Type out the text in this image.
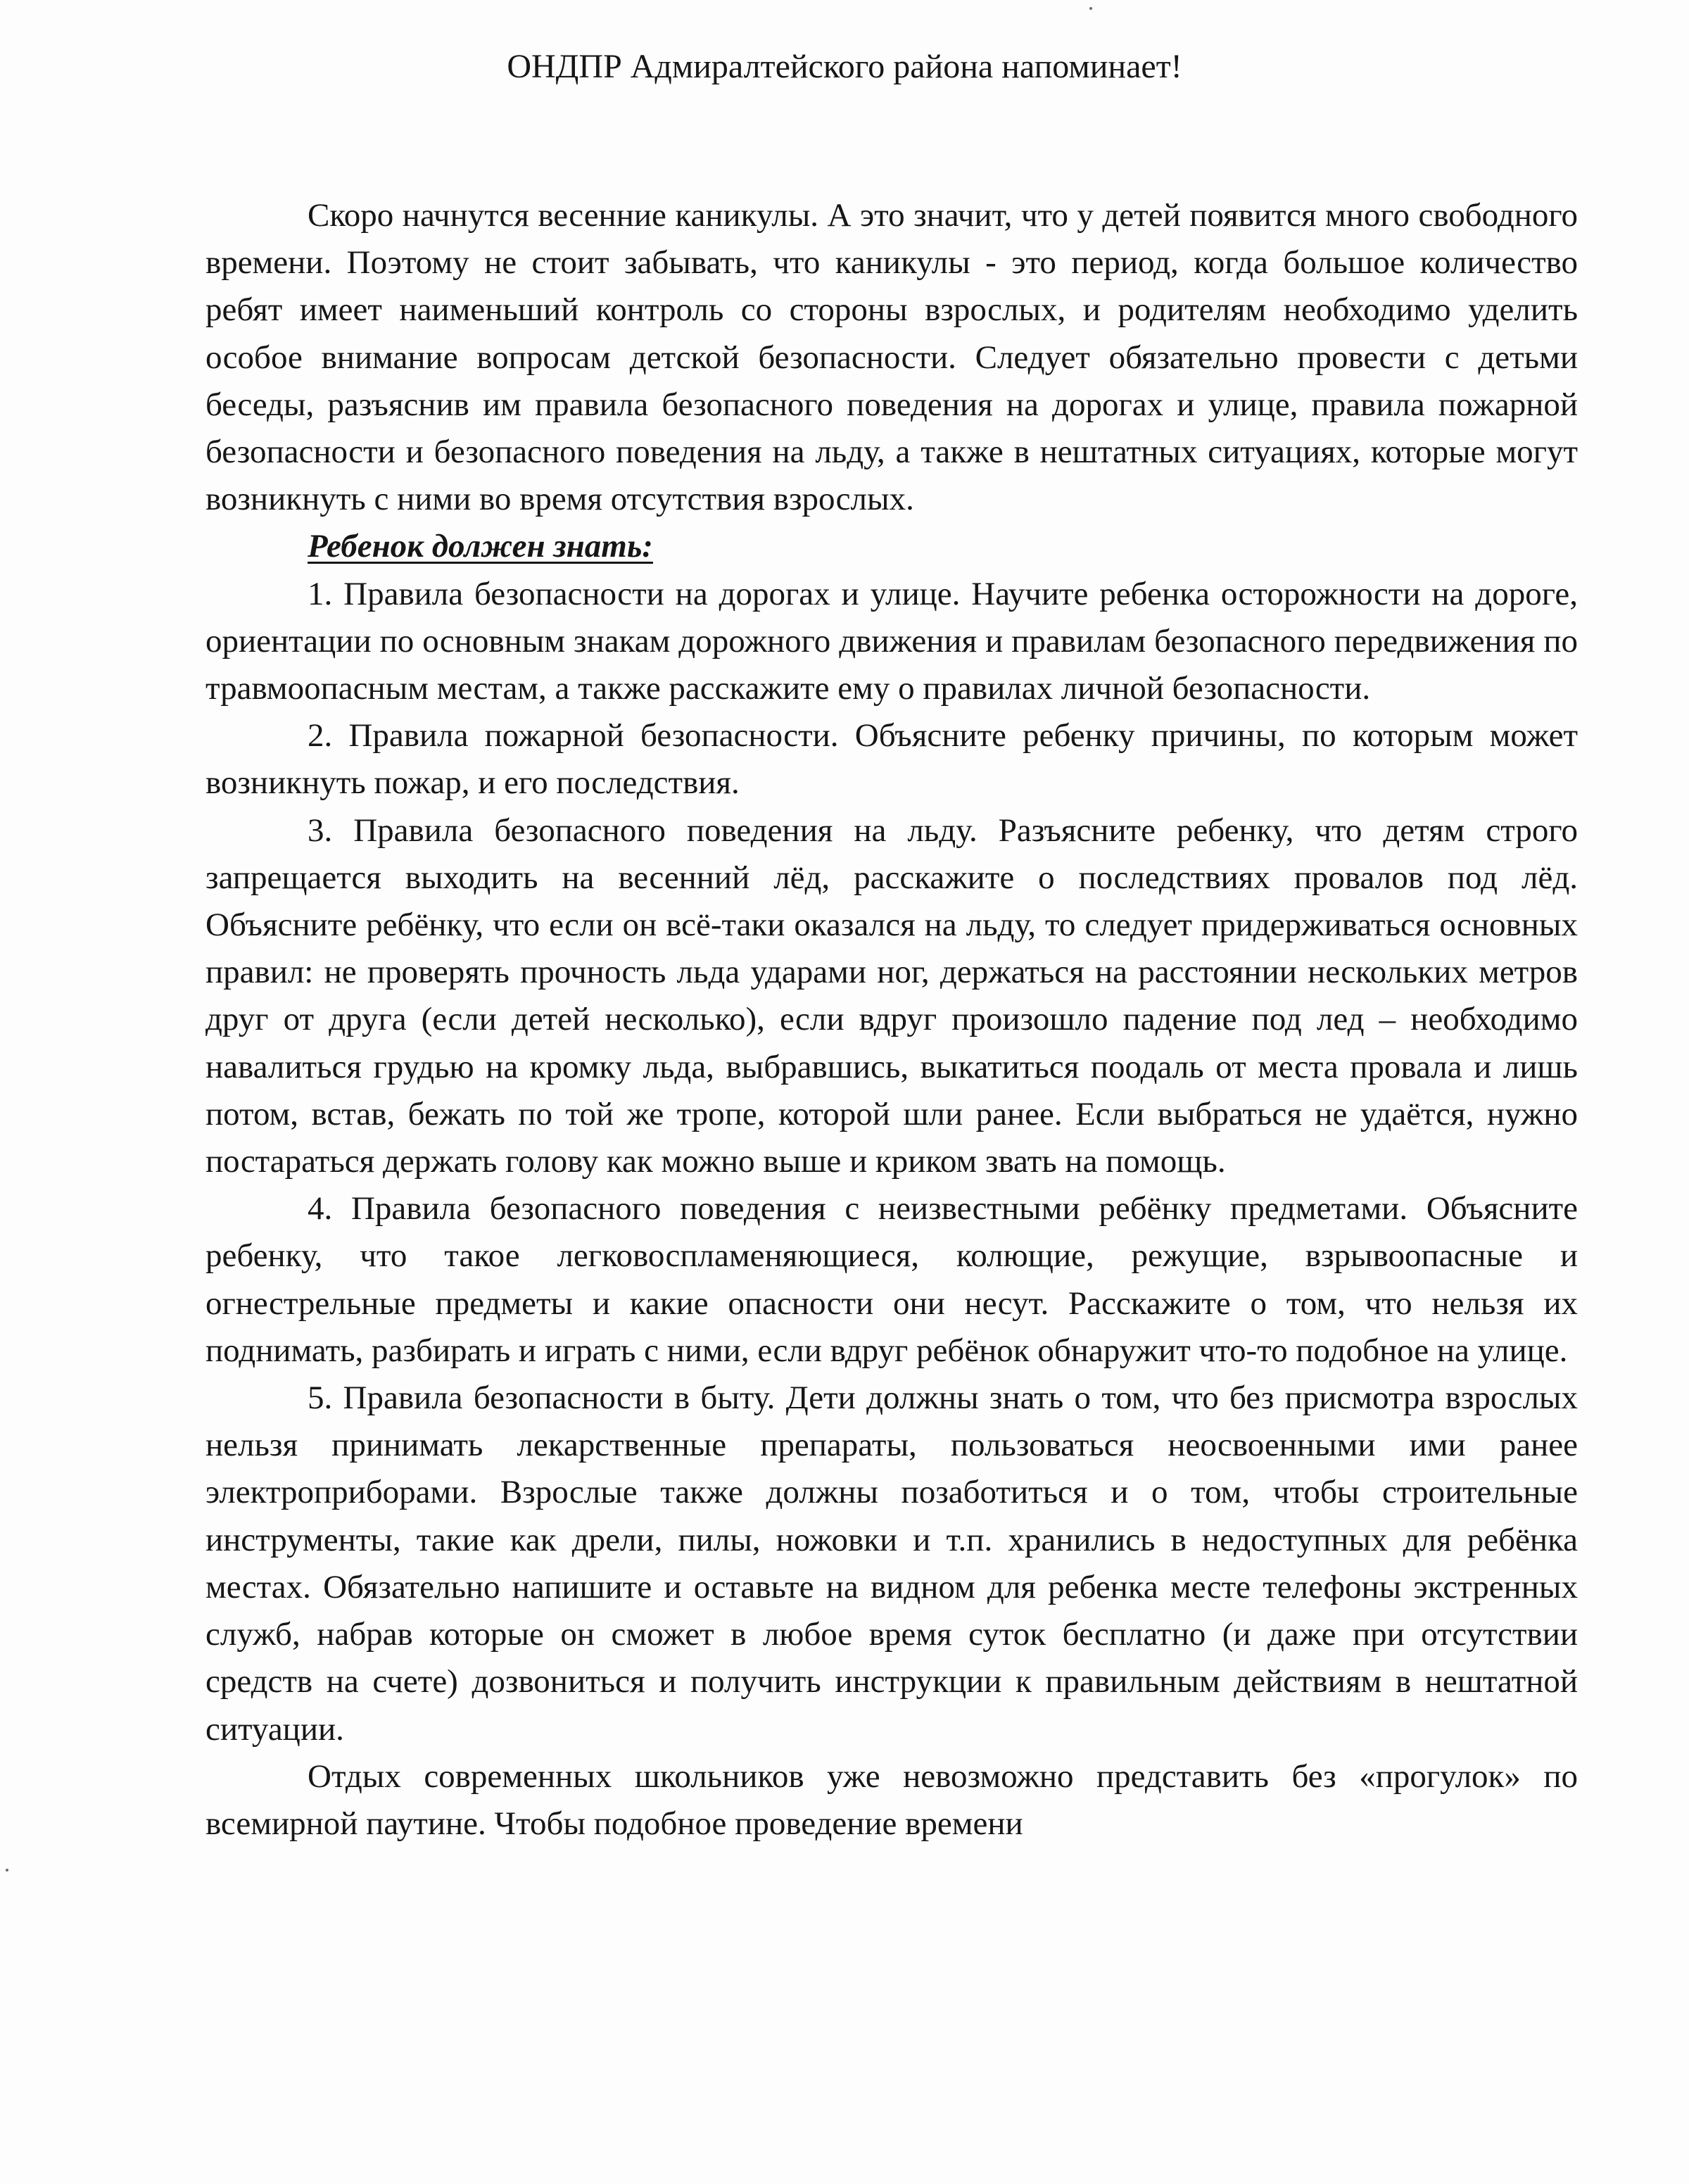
ОНДПР Адмиралтейского района напоминает!

Скоро начнутся весенние каникулы. А это значит, что у детей появится много свободного времени. Поэтому не стоит забывать, что каникулы - это период, когда большое количество ребят имеет наименьший контроль со стороны взрослых, и родителям необходимо уделить особое внимание вопросам детской безопасности. Следует обязательно провести с детьми беседы, разъяснив им правила безопасного поведения на дорогах и улице, правила пожарной безопасности и безопасного поведения на льду, а также в нештатных ситуациях, которые могут возникнуть с ними во время отсутствия взрослых.

Ребенок должен знать:

1. Правила безопасности на дорогах и улице. Научите ребенка осторожности на дороге, ориентации по основным знакам дорожного движения и правилам безопасного передвижения по травмоопасным местам, а также расскажите ему о правилах личной безопасности.

2. Правила пожарной безопасности. Объясните ребенку причины, по которым может возникнуть пожар, и его последствия.

3. Правила безопасного поведения на льду. Разъясните ребенку, что детям строго запрещается выходить на весенний лёд, расскажите о последствиях провалов под лёд. Объясните ребёнку, что если он всё-таки оказался на льду, то следует придерживаться основных правил: не проверять прочность льда ударами ног, держаться на расстоянии нескольких метров друг от друга (если детей несколько), если вдруг произошло падение под лед – необходимо навалиться грудью на кромку льда, выбравшись, выкатиться поодаль от места провала и лишь потом, встав, бежать по той же тропе, которой шли ранее. Если выбраться не удаётся, нужно постараться держать голову как можно выше и криком звать на помощь.

4. Правила безопасного поведения с неизвестными ребёнку предметами. Объясните ребенку, что такое легковоспламеняющиеся, колющие, режущие, взрывоопасные и огнестрельные предметы и какие опасности они несут. Расскажите о том, что нельзя их поднимать, разбирать и играть с ними, если вдруг ребёнок обнаружит что-то подобное на улице.

5. Правила безопасности в быту. Дети должны знать о том, что без присмотра взрослых нельзя принимать лекарственные препараты, пользоваться неосвоенными ими ранее электроприборами. Взрослые также должны позаботиться и о том, чтобы строительные инструменты, такие как дрели, пилы, ножовки и т.п. хранились в недоступных для ребёнка местах. Обязательно напишите и оставьте на видном для ребенка месте телефоны экстренных служб, набрав которые он сможет в любое время суток бесплатно (и даже при отсутствии средств на счете) дозвониться и получить инструкции к правильным действиям в нештатной ситуации.

Отдых современных школьников уже невозможно представить без «прогулок» по всемирной паутине. Чтобы подобное проведение времени
